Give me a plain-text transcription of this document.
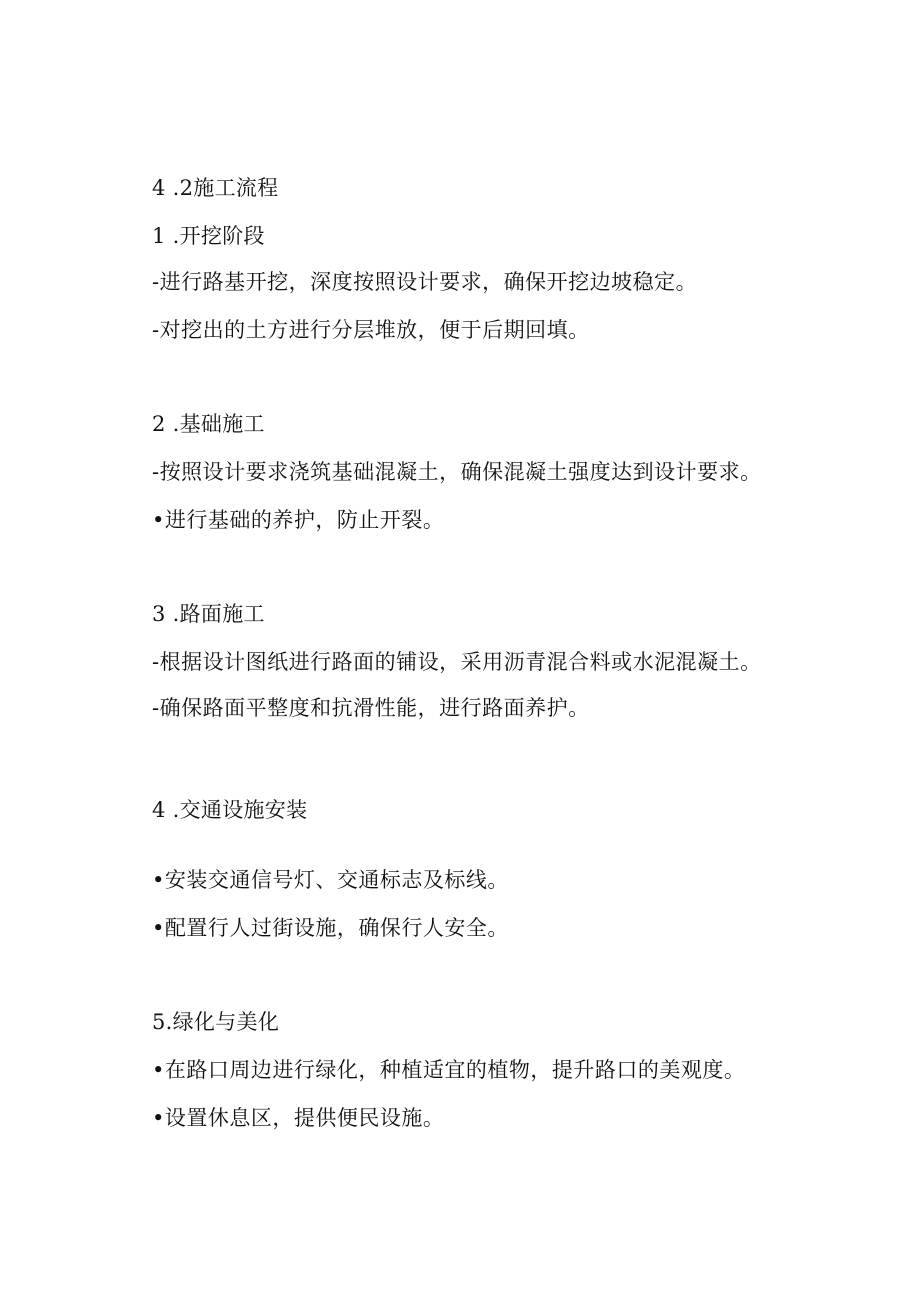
4 .2施工流程
1 .开挖阶段
-进行路基开挖，深度按照设计要求，确保开挖边坡稳定。
-对挖出的土方进行分层堆放，便于后期回填。
2 .基础施工
-按照设计要求浇筑基础混凝土，确保混凝土强度达到设计要求。
•进行基础的养护，防止开裂。
3 .路面施工
-根据设计图纸进行路面的铺设，采用沥青混合料或水泥混凝土。
-确保路面平整度和抗滑性能，进行路面养护。
4 .交通设施安装
•安装交通信号灯、交通标志及标线。
•配置行人过街设施，确保行人安全。
5.绿化与美化
•在路口周边进行绿化，种植适宜的植物，提升路口的美观度。
•设置休息区，提供便民设施。
